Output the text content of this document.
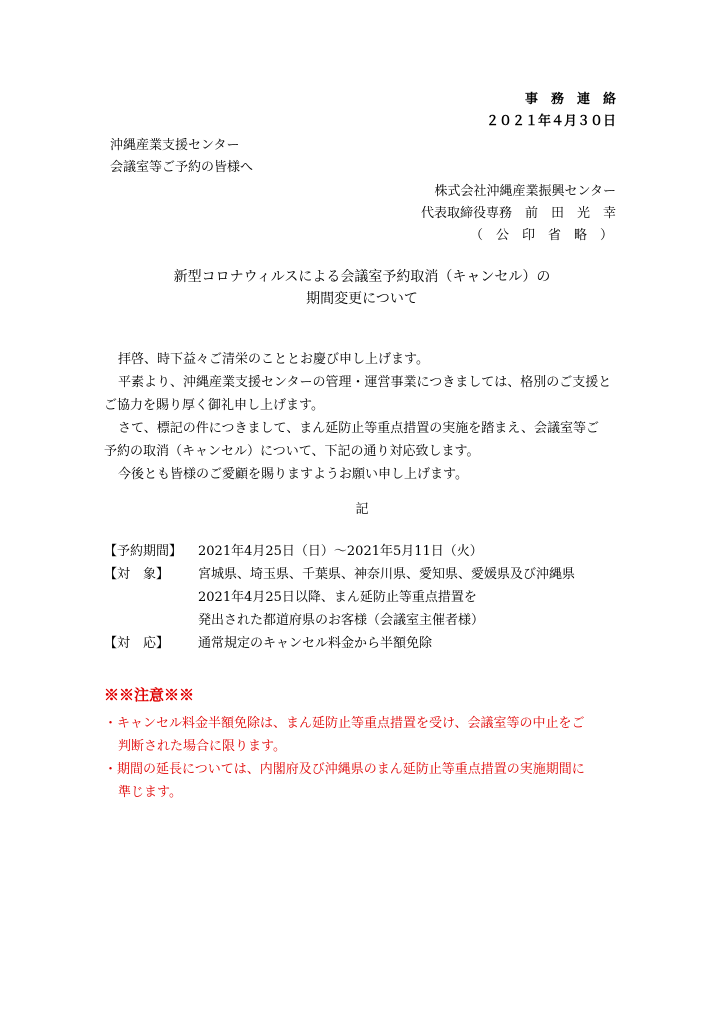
事　務　連　絡
２０２１年４月３０日
沖縄産業支援センター
会議室等ご予約の皆様へ
株式会社沖縄産業振興センター
代表取締役専務　前　田　光　幸
（　公　印　省　略　）
新型コロナウィルスによる会議室予約取消（キャンセル）の
期間変更について
拝啓、時下益々ご清栄のこととお慶び申し上げます。
平素より、沖縄産業支援センターの管理・運営事業につきましては、格別のご支援と
ご協力を賜り厚く御礼申し上げます。
さて、標記の件につきまして、まん延防止等重点措置の実施を踏まえ、会議室等ご
予約の取消（キャンセル）について、下記の通り対応致します。
今後とも皆様のご愛顧を賜りますようお願い申し上げます。
記
【予約期間】 2021年4月25日（日）～2021年5月11日（火）
【対　象】 宮城県、埼玉県、千葉県、神奈川県、愛知県、愛媛県及び沖縄県
2021年4月25日以降、まん延防止等重点措置を
発出された都道府県のお客様（会議室主催者様）
【対　応】 通常規定のキャンセル料金から半額免除
※※注意※※
・キャンセル料金半額免除は、まん延防止等重点措置を受け、会議室等の中止をご
判断された場合に限ります。
・期間の延長については、内閣府及び沖縄県のまん延防止等重点措置の実施期間に
準じます。
